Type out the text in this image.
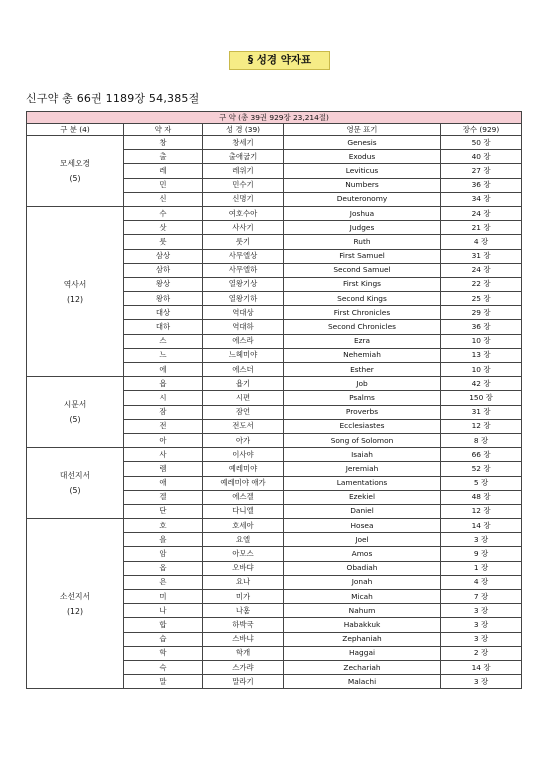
§ 성경 약자표
신구약 총 66권 1189장 54,385절
구 약 (총 39권 929장 23,214절)				
구 분 (4)	약 자	성 경 (39)	영문 표기	장수 (929)

모세오경
(5)	창	창세기	Genesis	50 장
	출	출애굽기	Exodus	40 장
	레	레위기	Leviticus	27 장
	민	민수기	Numbers	36 장
	신	신명기	Deuteronomy	34 장

역사서
(12)	수	여호수아	Joshua	24 장
	삿	사사기	Judges	21 장
	룻	룻기	Ruth	4 장
	삼상	사무엘상	First Samuel	31 장
	삼하	사무엘하	Second Samuel	24 장
	왕상	열왕기상	First Kings	22 장
	왕하	열왕기하	Second Kings	25 장
	대상	역대상	First Chronicles	29 장
	대하	역대하	Second Chronicles	36 장
	스	에스라	Ezra	10 장
	느	느헤미야	Nehemiah	13 장
	에	에스더	Esther	10 장

시문서
(5)	욥	욥기	Job	42 장
	시	시편	Psalms	150 장
	잠	잠언	Proverbs	31 장
	전	전도서	Ecclesiastes	12 장
	아	아가	Song of Solomon	8 장

대선지서
(5)	사	이사야	Isaiah	66 장
	렘	예레미야	Jeremiah	52 장
	애	예레미야 애가	Lamentations	5 장
	겔	에스겔	Ezekiel	48 장
	단	다니엘	Daniel	12 장

소선지서
(12)	호	호세아	Hosea	14 장
	욜	요엘	Joel	3 장
	암	아모스	Amos	9 장
	옵	오바댜	Obadiah	1 장
	욘	요나	Jonah	4 장
	미	미가	Micah	7 장
	나	나훔	Nahum	3 장
	합	하박국	Habakkuk	3 장
	습	스바냐	Zephaniah	3 장
	학	학개	Haggai	2 장
	슥	스가랴	Zechariah	14 장
	말	말라기	Malachi	3 장
